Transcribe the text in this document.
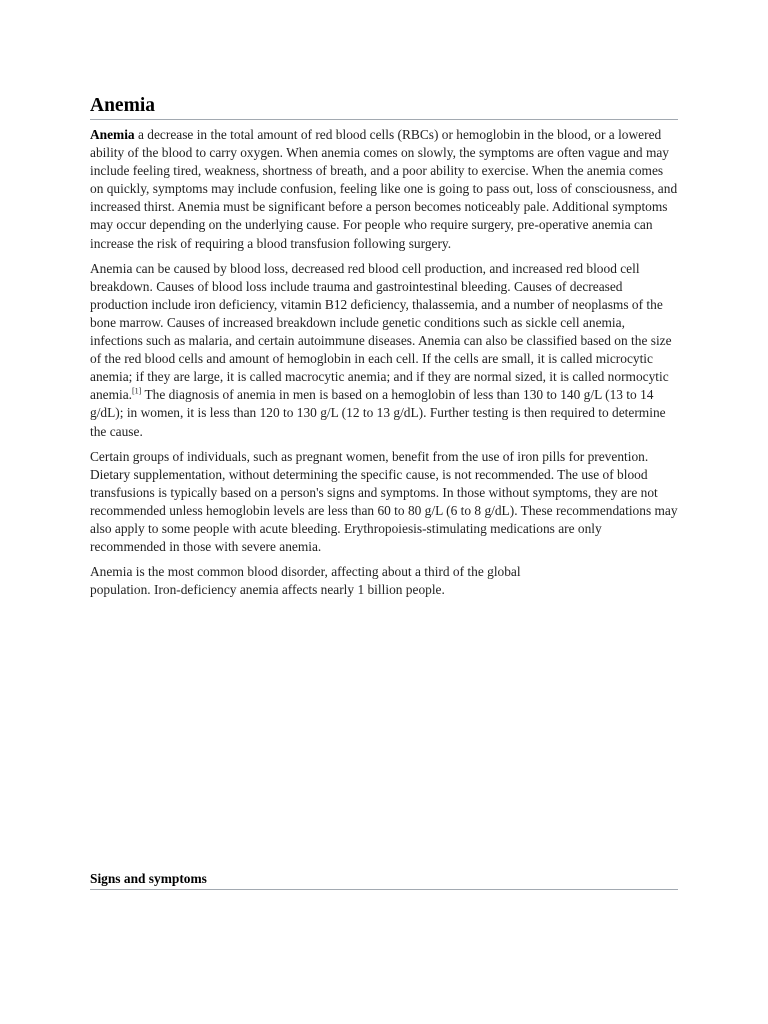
Anemia

Anemia a decrease in the total amount of red blood cells (RBCs) or hemoglobin in the blood, or a lowered ability of the blood to carry oxygen. When anemia comes on slowly, the symptoms are often vague and may include feeling tired, weakness, shortness of breath, and a poor ability to exercise. When the anemia comes on quickly, symptoms may include confusion, feeling like one is going to pass out, loss of consciousness, and increased thirst. Anemia must be significant before a person becomes noticeably pale. Additional symptoms may occur depending on the underlying cause. For people who require surgery, pre-operative anemia can increase the risk of requiring a blood transfusion following surgery.

Anemia can be caused by blood loss, decreased red blood cell production, and increased red blood cell breakdown. Causes of blood loss include trauma and gastrointestinal bleeding. Causes of decreased production include iron deficiency, vitamin B12 deficiency, thalassemia, and a number of neoplasms of the bone marrow. Causes of increased breakdown include genetic conditions such as sickle cell anemia, infections such as malaria, and certain autoimmune diseases. Anemia can also be classified based on the size of the red blood cells and amount of hemoglobin in each cell. If the cells are small, it is called microcytic anemia; if they are large, it is called macrocytic anemia; and if they are normal sized, it is called normocytic anemia.[1] The diagnosis of anemia in men is based on a hemoglobin of less than 130 to 140 g/L (13 to 14 g/dL); in women, it is less than 120 to 130 g/L (12 to 13 g/dL). Further testing is then required to determine the cause.

Certain groups of individuals, such as pregnant women, benefit from the use of iron pills for prevention. Dietary supplementation, without determining the specific cause, is not recommended. The use of blood transfusions is typically based on a person's signs and symptoms. In those without symptoms, they are not recommended unless hemoglobin levels are less than 60 to 80 g/L (6 to 8 g/dL). These recommendations may also apply to some people with acute bleeding. Erythropoiesis-stimulating medications are only recommended in those with severe anemia.

Anemia is the most common blood disorder, affecting about a third of the global population. Iron-deficiency anemia affects nearly 1 billion people.

Signs and symptoms
